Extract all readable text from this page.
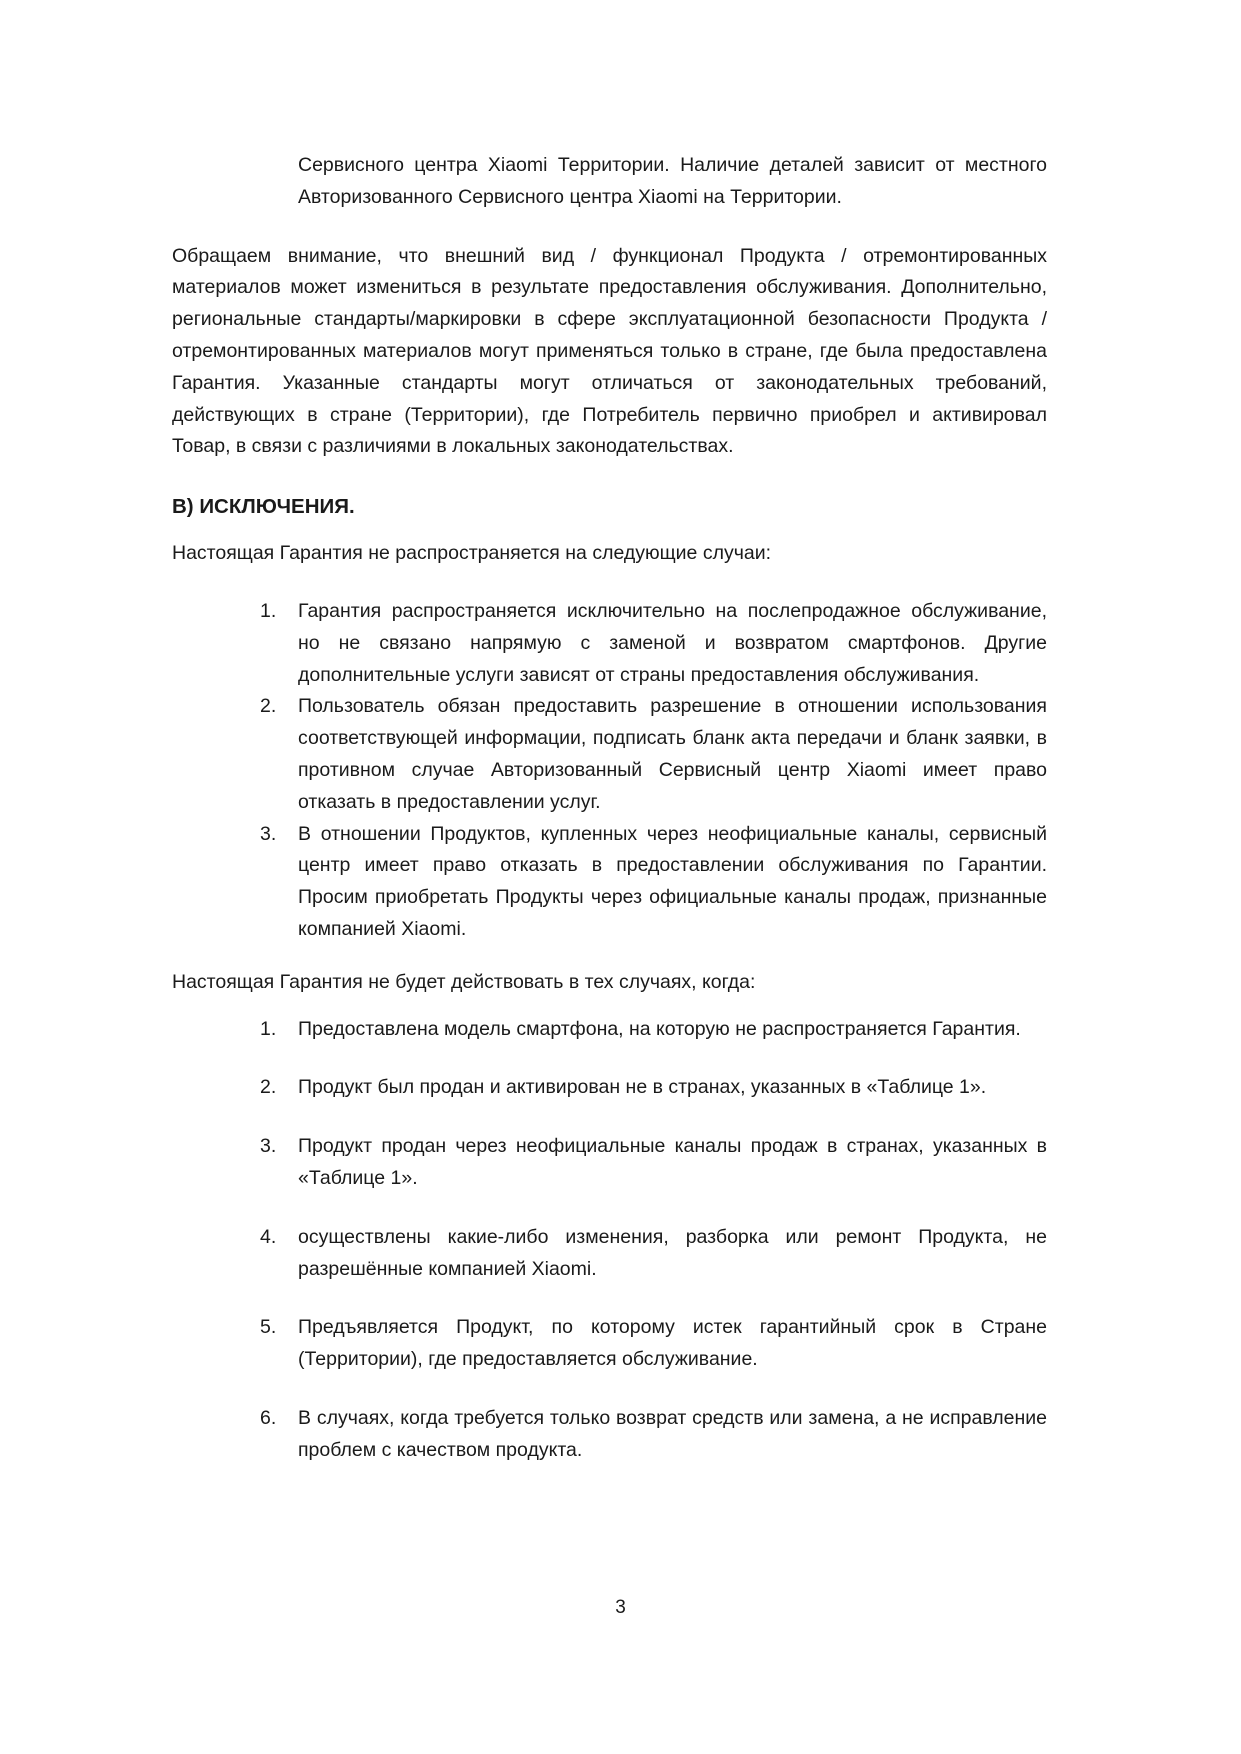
Сервисного центра Xiaomi Территории. Наличие деталей зависит от местного Авторизованного Сервисного центра Xiaomi на Территории.

Обращаем внимание, что внешний вид / функционал Продукта / отремонтированных материалов может измениться в результате предоставления обслуживания. Дополнительно, региональные стандарты/маркировки в сфере эксплуатационной безопасности Продукта / отремонтированных материалов могут применяться только в стране, где была предоставлена Гарантия. Указанные стандарты могут отличаться от законодательных требований, действующих в стране (Территории), где Потребитель первично приобрел и активировал Товар, в связи с различиями в локальных законодательствах.

В) ИСКЛЮЧЕНИЯ.

Настоящая Гарантия не распространяется на следующие случаи:

1. Гарантия распространяется исключительно на послепродажное обслуживание, но не связано напрямую с заменой и возвратом смартфонов. Другие дополнительные услуги зависят от страны предоставления обслуживания.
2. Пользователь обязан предоставить разрешение в отношении использования соответствующей информации, подписать бланк акта передачи и бланк заявки, в противном случае Авторизованный Сервисный центр Xiaomi имеет право отказать в предоставлении услуг.
3. В отношении Продуктов, купленных через неофициальные каналы, сервисный центр имеет право отказать в предоставлении обслуживания по Гарантии. Просим приобретать Продукты через официальные каналы продаж, признанные компанией Xiaomi.

Настоящая Гарантия не будет действовать в тех случаях, когда:

1. Предоставлена модель смартфона, на которую не распространяется Гарантия.
2. Продукт был продан и активирован не в странах, указанных в «Таблице 1».
3. Продукт продан через неофициальные каналы продаж в странах, указанных в «Таблице 1».
4. осуществлены какие-либо изменения, разборка или ремонт Продукта, не разрешённые компанией Xiaomi.
5. Предъявляется Продукт, по которому истек гарантийный срок в Стране (Территории), где предоставляется обслуживание.
6. В случаях, когда требуется только возврат средств или замена, а не исправление проблем с качеством продукта.
3
